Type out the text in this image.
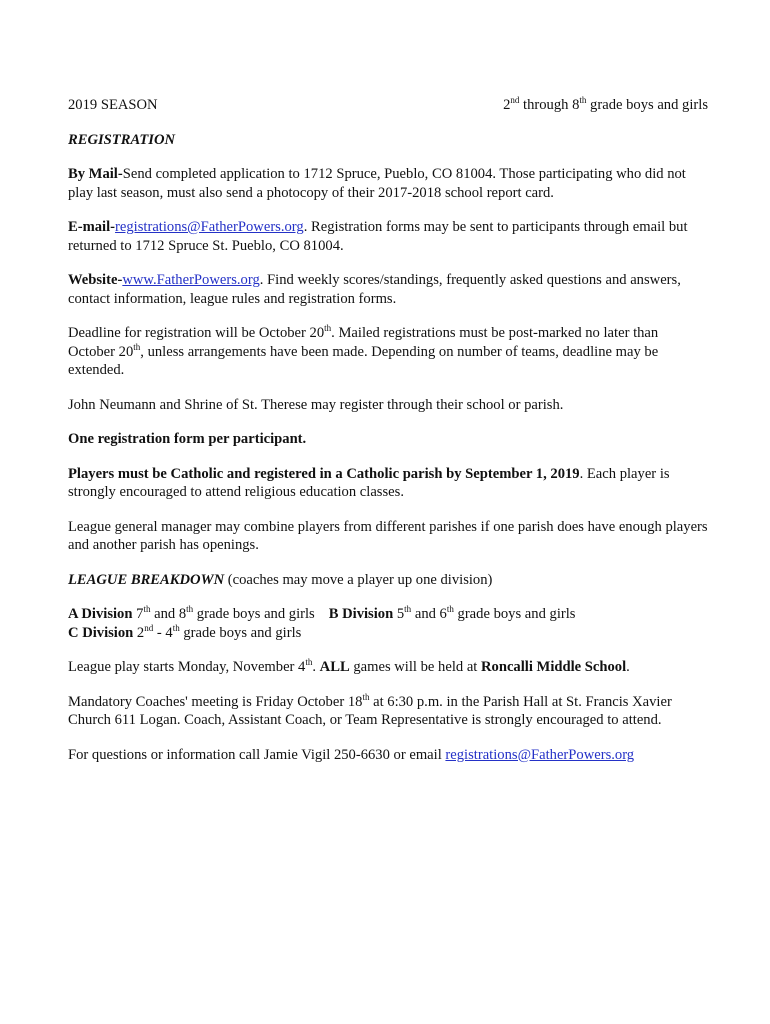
2019 SEASON	2nd through 8th grade boys and girls

REGISTRATION

By Mail-Send completed application to 1712 Spruce, Pueblo, CO 81004. Those participating who did not play last season, must also send a photocopy of their 2017-2018 school report card.

E-mail-registrations@FatherPowers.org. Registration forms may be sent to participants through email but returned to 1712 Spruce St. Pueblo, CO 81004.

Website-www.FatherPowers.org. Find weekly scores/standings, frequently asked questions and answers, contact information, league rules and registration forms.

Deadline for registration will be October 20th. Mailed registrations must be post-marked no later than October 20th, unless arrangements have been made. Depending on number of teams, deadline may be extended.

John Neumann and Shrine of St. Therese may register through their school or parish.

One registration form per participant.

Players must be Catholic and registered in a Catholic parish by September 1, 2019. Each player is strongly encouraged to attend religious education classes.

League general manager may combine players from different parishes if one parish does have enough players and another parish has openings.

LEAGUE BREAKDOWN (coaches may move a player up one division)

A Division 7th and 8th grade boys and girls B Division 5th and 6th grade boys and girls
C Division 2nd - 4th grade boys and girls

League play starts Monday, November 4th. ALL games will be held at Roncalli Middle School.

Mandatory Coaches' meeting is Friday October 18th at 6:30 p.m. in the Parish Hall at St. Francis Xavier Church 611 Logan. Coach, Assistant Coach, or Team Representative is strongly encouraged to attend.

For questions or information call Jamie Vigil 250-6630 or email registrations@FatherPowers.org
